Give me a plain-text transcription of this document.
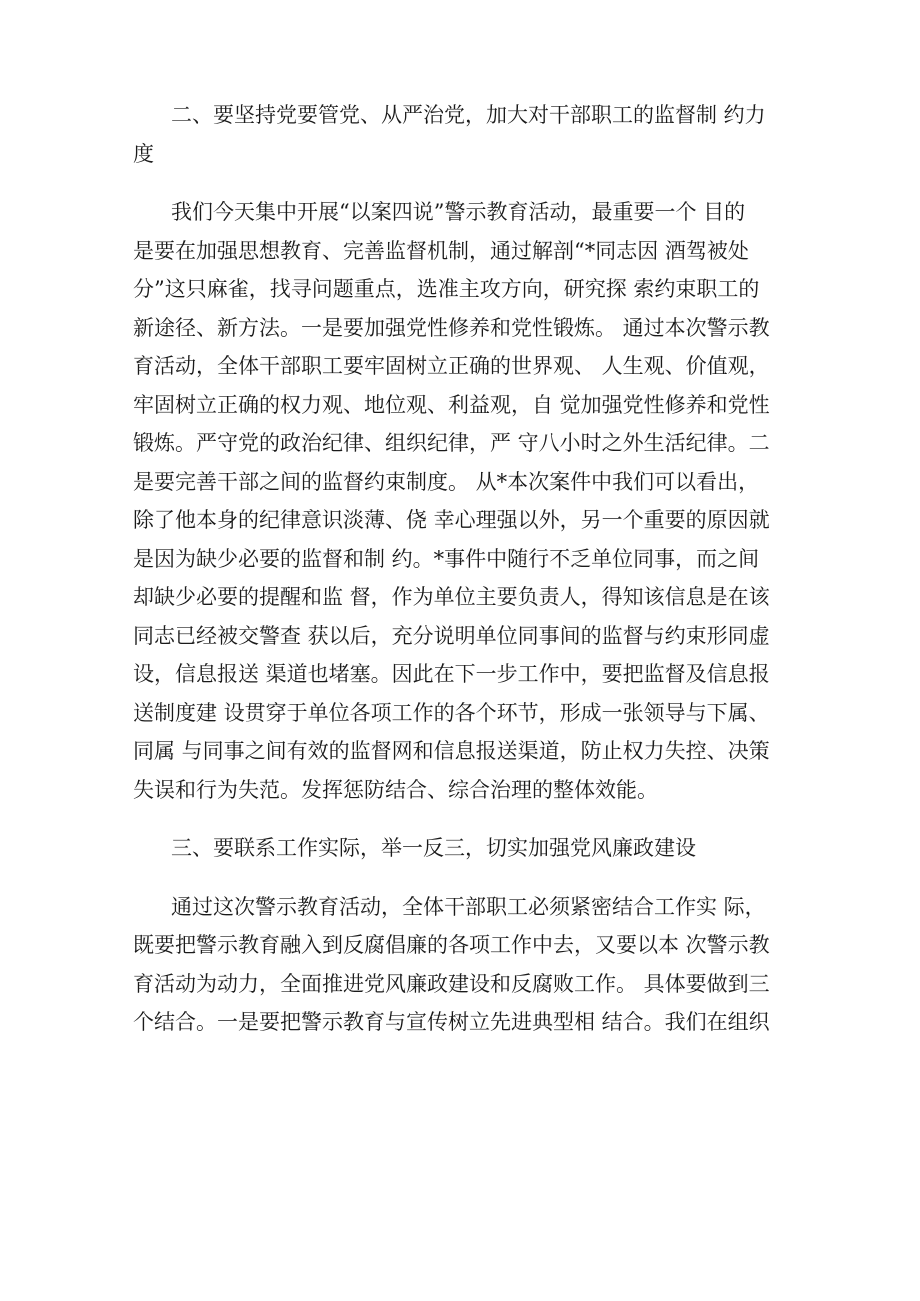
二、要坚持党要管党、从严治党，加大对干部职工的监督制 约力
度
我们今天集中开展“以案四说”警示教育活动，最重要一个 目的
是要在加强思想教育、完善监督机制，通过解剖“*同志因 酒驾被处
分”这只麻雀，找寻问题重点，选准主攻方向，研究探 索约束职工的
新途径、新方法。一是要加强党性修养和党性锻炼。 通过本次警示教
育活动，全体干部职工要牢固树立正确的世界观、 人生观、价值观，
牢固树立正确的权力观、地位观、利益观，自 觉加强党性修养和党性
锻炼。严守党的政治纪律、组织纪律，严 守八小时之外生活纪律。二
是要完善干部之间的监督约束制度。 从*本次案件中我们可以看出，
除了他本身的纪律意识淡薄、侥 幸心理强以外，另一个重要的原因就
是因为缺少必要的监督和制 约。*事件中随行不乏单位同事，而之间
却缺少必要的提醒和监 督，作为单位主要负责人，得知该信息是在该
同志已经被交警查 获以后，充分说明单位同事间的监督与约束形同虚
设，信息报送 渠道也堵塞。因此在下一步工作中，要把监督及信息报
送制度建 设贯穿于单位各项工作的各个环节，形成一张领导与下属、
同属 与同事之间有效的监督网和信息报送渠道，防止权力失控、决策
失误和行为失范。发挥惩防结合、综合治理的整体效能。
三、要联系工作实际，举一反三，切实加强党风廉政建设
通过这次警示教育活动，全体干部职工必须紧密结合工作实 际，
既要把警示教育融入到反腐倡廉的各项工作中去，又要以本 次警示教
育活动为动力，全面推进党风廉政建设和反腐败工作。 具体要做到三
个结合。一是要把警示教育与宣传树立先进典型相 结合。我们在组织
